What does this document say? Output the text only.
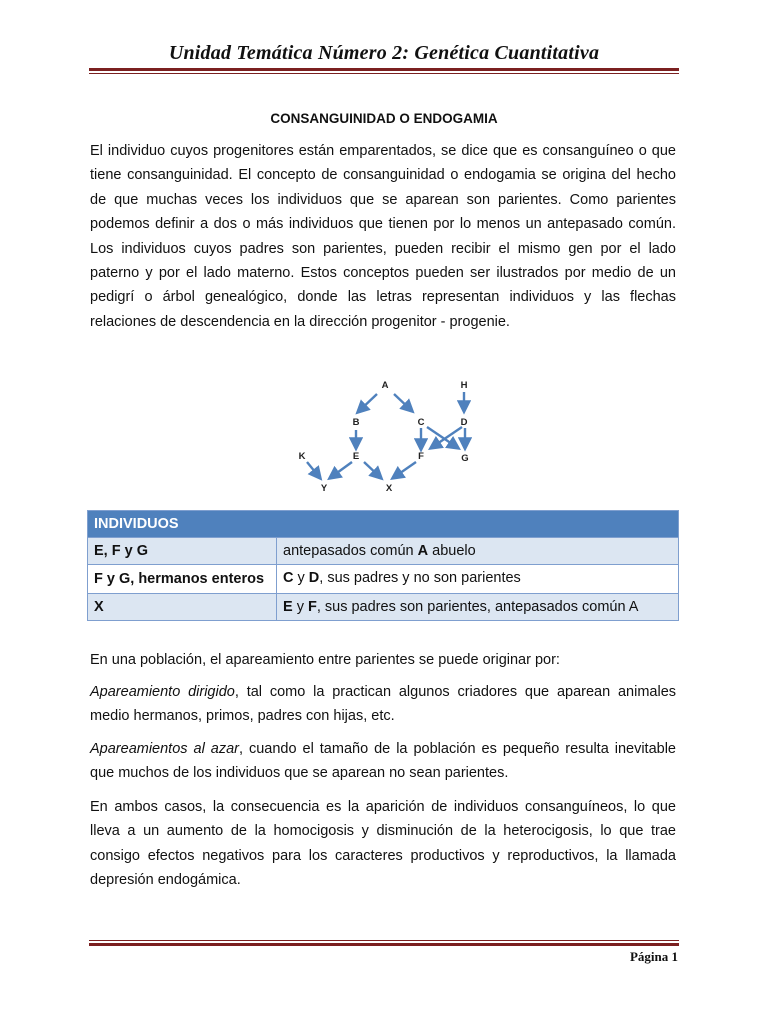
Unidad Temática Número 2: Genética Cuantitativa
CONSANGUINIDAD O ENDOGAMIA

El individuo cuyos progenitores están emparentados, se dice que es consanguíneo o que tiene consanguinidad. El concepto de consanguinidad o endogamia se origina del hecho de que muchas veces los individuos que se aparean son parientes. Como parientes podemos definir a dos o más individuos que tienen por lo menos un antepasado común. Los individuos cuyos padres son parientes, pueden recibir el mismo gen por el lado paterno y por el lado materno. Estos conceptos pueden ser ilustrados por medio de un pedigrí o árbol genealógico, donde las letras representan individuos y las flechas relaciones de descendencia en la dirección progenitor - progenie.

A	H
B	C	D
K	E	F	G
Y	X
INDIVIDUOS	
E, F y G	antepasados común A abuelo
F y G, hermanos enteros	C y D, sus padres y no son parientes
X	E y F, sus padres son parientes, antepasados común A

En una población, el apareamiento entre parientes se puede originar por:

Apareamiento dirigido, tal como la practican algunos criadores que aparean animales medio hermanos, primos, padres con hijas, etc.

Apareamientos al azar, cuando el tamaño de la población es pequeño resulta inevitable que muchos de los individuos que se aparean no sean parientes.

En ambos casos, la consecuencia es la aparición de individuos consanguíneos, lo que lleva a un aumento de la homocigosis y disminución de la heterocigosis, lo que trae consigo efectos negativos para los caracteres productivos y reproductivos, la llamada depresión endogámica.

Página 1
